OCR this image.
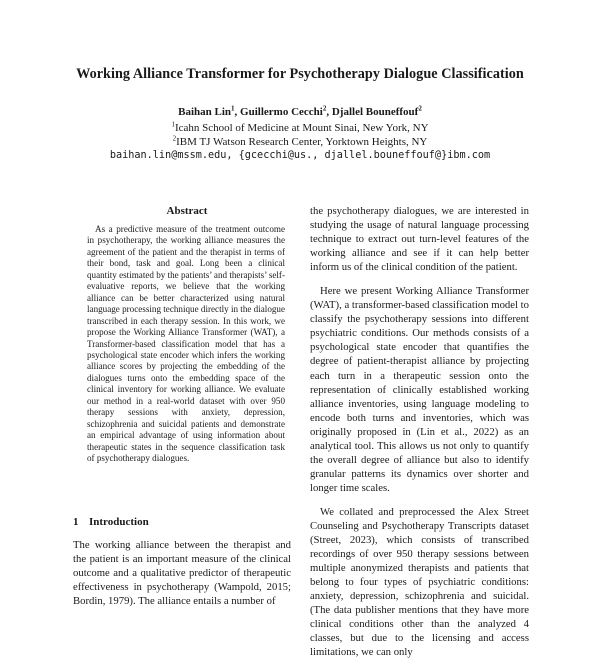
Working Alliance Transformer for Psychotherapy Dialogue Classification
Baihan Lin$^1$, Guillermo Cecchi$^2$, Djallel Bouneffouf$^2$
$^1$Icahn School of Medicine at Mount Sinai, New York, NY
$^2$IBM TJ Watson Research Center, Yorktown Heights, NY
baihan.lin@mssm.edu, {gcecchi@us., djallel.bouneffouf@}ibm.com
Abstract
As a predictive measure of the treatment outcome in psychotherapy, the working alliance measures the agreement of the patient and the therapist in terms of their bond, task and goal. Long been a clinical quantity estimated by the patients’ and therapists’ self-evaluative reports, we believe that the working alliance can be better characterized using natural language processing technique directly in the dialogue transcribed in each therapy session. In this work, we propose the Working Alliance Transformer (WAT), a Transformer-based classification model that has a psychological state encoder which infers the working alliance scores by projecting the embedding of the dialogues turns onto the embedding space of the clinical inventory for working alliance. We evaluate our method in a real-world dataset with over 950 therapy sessions with anxiety, depression, schizophrenia and suicidal patients and demonstrate an empirical advantage of using information about therapeutic states in the sequence classification task of psychotherapy dialogues.
1 Introduction
The working alliance between the therapist and the patient is an important measure of the clinical outcome and a qualitative predictor of therapeutic effectiveness in psychotherapy (Wampold, 2015; Bordin, 1979). The alliance entails a number of

the psychotherapy dialogues, we are interested in studying the usage of natural language processing technique to extract out turn-level features of the working alliance and see if it can help better inform us of the clinical condition of the patient.

Here we present Working Alliance Transformer (WAT), a transformer-based classification model to classify the psychotherapy sessions into different psychiatric conditions. Our methods consists of a psychological state encoder that quantifies the degree of patient-therapist alliance by projecting each turn in a therapeutic session onto the representation of clinically established working alliance inventories, using language modeling to encode both turns and inventories, which was originally proposed in (Lin et al., 2022) as an analytical tool. This allows us not only to quantify the overall degree of alliance but also to identify granular patterns its dynamics over shorter and longer time scales.

We collated and preprocessed the Alex Street Counseling and Psychotherapy Transcripts dataset (Street, 2023), which consists of transcribed recordings of over 950 therapy sessions between multiple anonymized therapists and patients that belong to four types of psychiatric conditions: anxiety, depression, schizophrenia and suicidal. (The data publisher mentions that they have more clinical conditions other than the analyzed 4 classes, but due to the licensing and access limitations, we can only
